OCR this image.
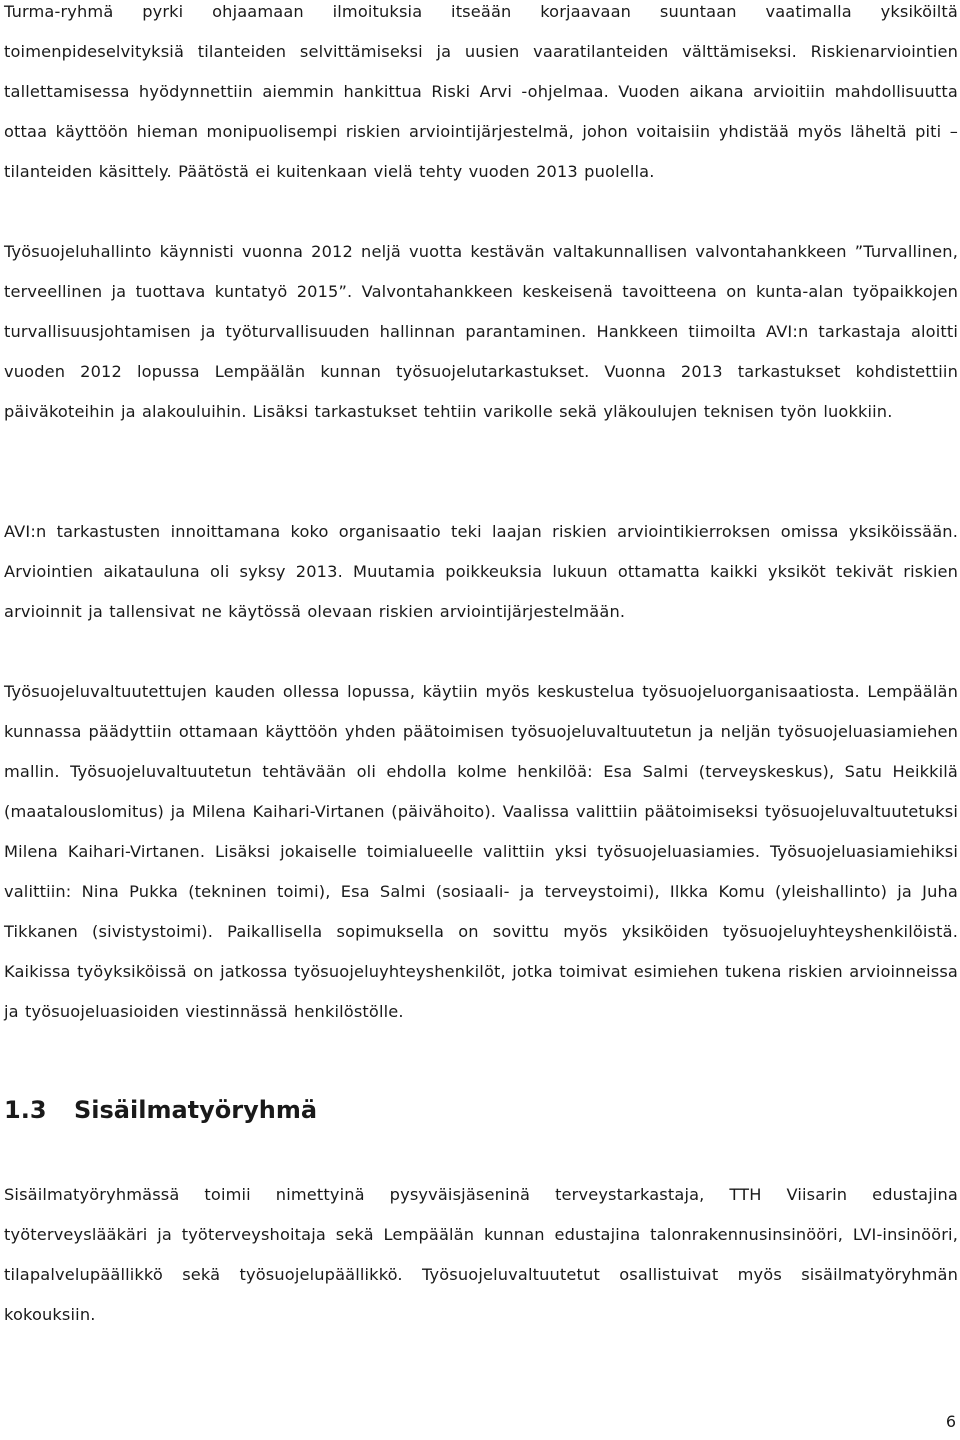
Turma-ryhmä pyrki ohjaamaan ilmoituksia itseään korjaavaan suuntaan vaatimalla yksiköiltä toimenpideselvityksiä tilanteiden selvittämiseksi ja uusien vaaratilanteiden välttämiseksi. Riskienarviointien tallettamisessa hyödynnettiin aiemmin hankittua Riski Arvi -ohjelmaa. Vuoden aikana arvioitiin mahdollisuutta ottaa käyttöön hieman monipuolisempi riskien arviointijärjestelmä, johon voitaisiin yhdistää myös läheltä piti –tilanteiden käsittely. Päätöstä ei kuitenkaan vielä tehty vuoden 2013 puolella.

Työsuojeluhallinto käynnisti vuonna 2012 neljä vuotta kestävän valtakunnallisen valvontahankkeen ”Turvallinen, terveellinen ja tuottava kuntatyö 2015”. Valvontahankkeen keskeisenä tavoitteena on kunta-alan työpaikkojen turvallisuusjohtamisen ja työturvallisuuden hallinnan parantaminen. Hankkeen tiimoilta AVI:n tarkastaja aloitti vuoden 2012 lopussa Lempäälän kunnan työsuojelutarkastukset. Vuonna 2013 tarkastukset kohdistettiin päiväkoteihin ja alakouluihin. Lisäksi tarkastukset tehtiin varikolle sekä yläkoulujen teknisen työn luokkiin.

AVI:n tarkastusten innoittamana koko organisaatio teki laajan riskien arviointikierroksen omissa yksiköissään. Arviointien aikatauluna oli syksy 2013. Muutamia poikkeuksia lukuun ottamatta kaikki yksiköt tekivät riskien arvioinnit ja tallensivat ne käytössä olevaan riskien arviointijärjestelmään.

Työsuojeluvaltuutettujen kauden ollessa lopussa, käytiin myös keskustelua työsuojeluorganisaatiosta. Lempäälän kunnassa päädyttiin ottamaan käyttöön yhden päätoimisen työsuojeluvaltuutetun ja neljän työsuojeluasiamiehen mallin. Työsuojeluvaltuutetun tehtävään oli ehdolla kolme henkilöä: Esa Salmi (terveyskeskus), Satu Heikkilä (maatalouslomitus) ja Milena Kaihari-Virtanen (päivähoito). Vaalissa valittiin päätoimiseksi työsuojeluvaltuutetuksi Milena Kaihari-Virtanen. Lisäksi jokaiselle toimialueelle valittiin yksi työsuojeluasiamies. Työsuojeluasiamiehiksi valittiin: Nina Pukka (tekninen toimi), Esa Salmi (sosiaali- ja terveystoimi), Ilkka Komu (yleishallinto) ja Juha Tikkanen (sivistystoimi). Paikallisella sopimuksella on sovittu myös yksiköiden työsuojeluyhteyshenkilöistä. Kaikissa työyksiköissä on jatkossa työsuojeluyhteyshenkilöt, jotka toimivat esimiehen tukena riskien arvioinneissa ja työsuojeluasioiden viestinnässä henkilöstölle.

1.3 Sisäilmatyöryhmä

Sisäilmatyöryhmässä toimii nimettyinä pysyväisjäseninä terveystarkastaja, TTH Viisarin edustajina työterveyslääkäri ja työterveyshoitaja sekä Lempäälän kunnan edustajina talonrakennusinsinööri, LVI-insinööri, tilapalvelupäällikkö sekä työsuojelupäällikkö. Työsuojeluvaltuutetut osallistuivat myös sisäilmatyöryhmän kokouksiin.

6
